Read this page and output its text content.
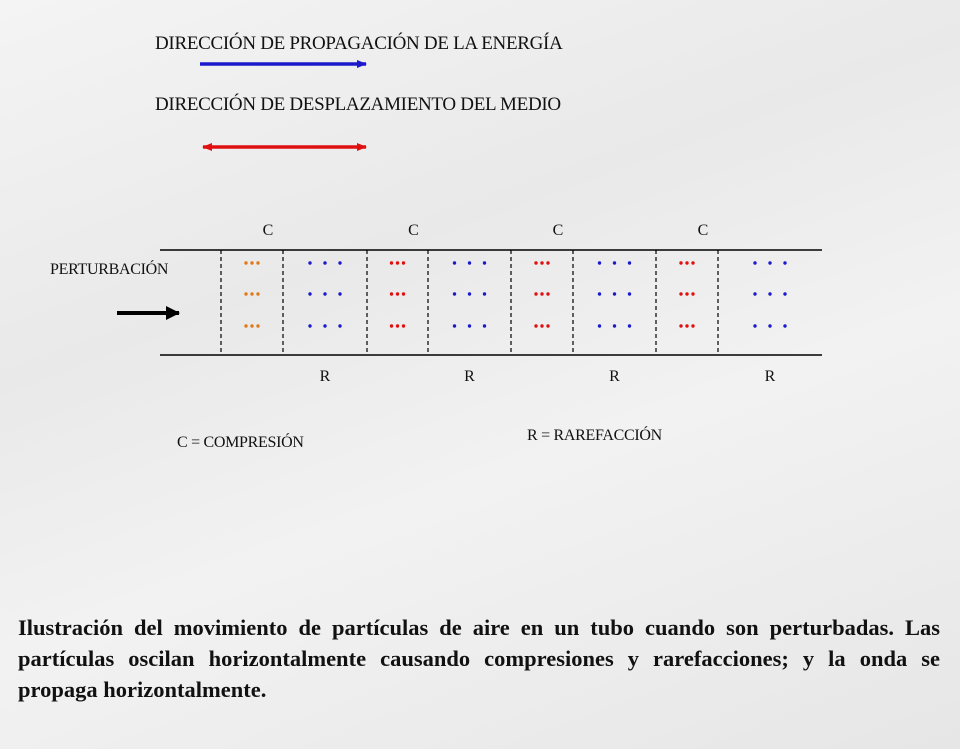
DIRECCIÓN DE PROPAGACIÓN DE LA ENERGÍA
DIRECCIÓN DE DESPLAZAMIENTO DEL MEDIO
PERTURBACIÓN
C = COMPRESIÓN	R = RAREFACCIÓN
C
R
C
R
C
R
C
R
Ilustración del movimiento de partículas de aire en un tubo cuando son perturbadas. Las partículas oscilan horizontalmente causando compresiones y rarefacciones; y la onda se propaga horizontalmente.
